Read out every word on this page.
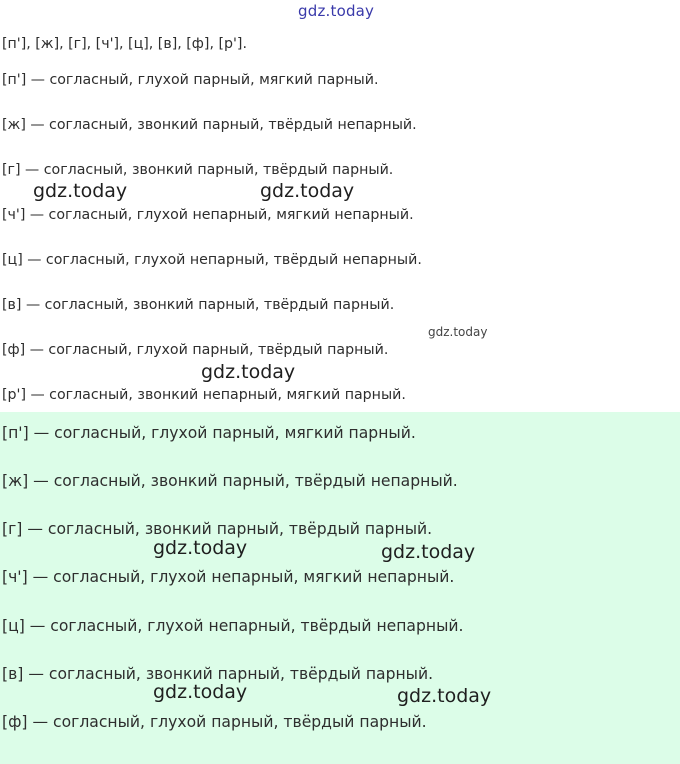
gdz.today
[п'], [ж], [г], [ч'], [ц], [в], [ф], [р'].
[п'] — согласный, глухой парный, мягкий парный.
[ж] — согласный, звонкий парный, твёрдый непарный.
[г] — согласный, звонкий парный, твёрдый парный.
[ч'] — согласный, глухой непарный, мягкий непарный.
[ц] — согласный, глухой непарный, твёрдый непарный.
[в] — согласный, звонкий парный, твёрдый парный.
[ф] — согласный, глухой парный, твёрдый парный.
[р'] — согласный, звонкий непарный, мягкий парный.
gdz.today	gdz.today
gdz.today
gdz.today
[п'] — согласный, глухой парный, мягкий парный.
[ж] — согласный, звонкий парный, твёрдый непарный.
[г] — согласный, звонкий парный, твёрдый парный.
[ч'] — согласный, глухой непарный, мягкий непарный.
[ц] — согласный, глухой непарный, твёрдый непарный.
[в] — согласный, звонкий парный, твёрдый парный.
[ф] — согласный, глухой парный, твёрдый парный.
gdz.today	gdz.today
gdz.today	gdz.today
